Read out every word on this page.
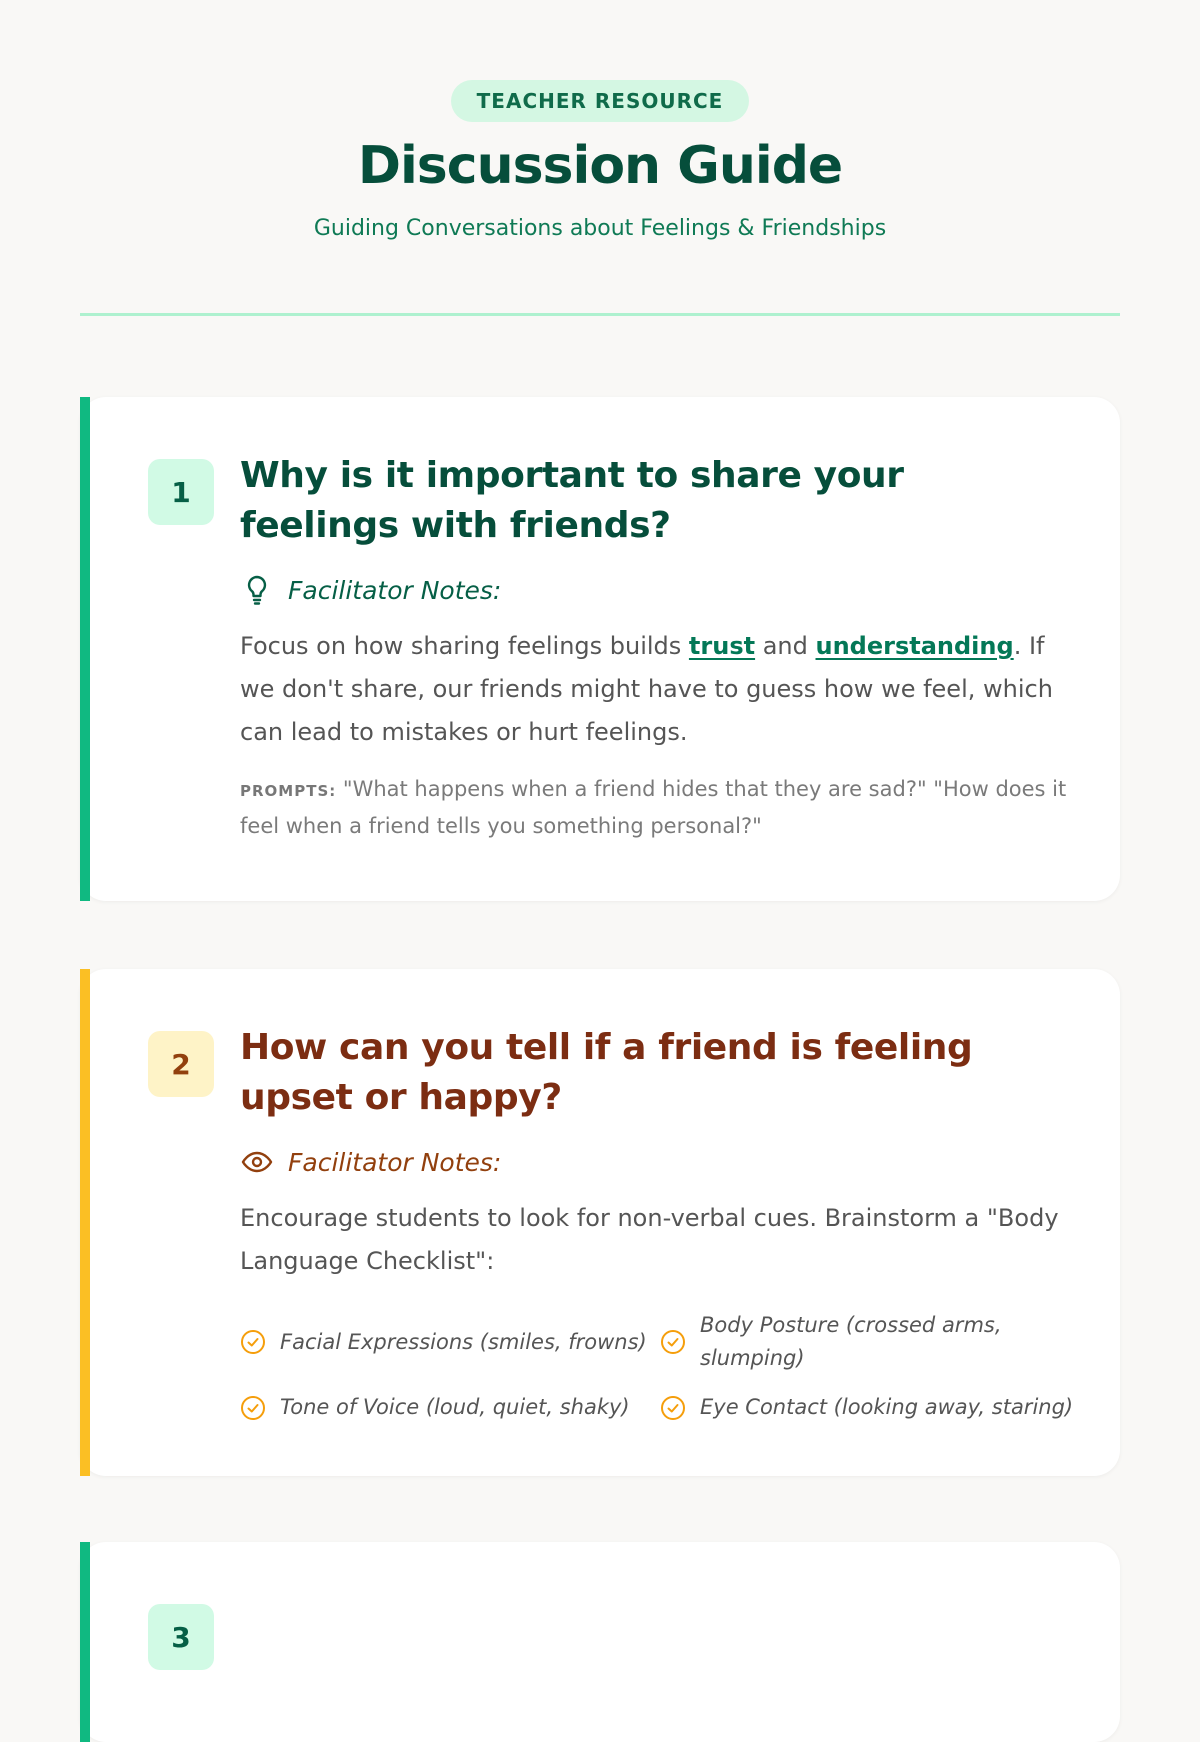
TEACHER RESOURCE
Discussion Guide

Guiding Conversations about Feelings & Friendships

1	Why is it important to share your feelings with friends?
Facilitator Notes:

Focus on how sharing feelings builds trust and understanding. If we don't share, our friends might have to guess how we feel, which can lead to mistakes or hurt feelings.

PROMPTS: "What happens when a friend hides that they are sad?" "How does it feel when a friend tells you something personal?"

2	How can you tell if a friend is feeling upset or happy?
Facilitator Notes:

Encourage students to look for non-verbal cues. Brainstorm a "Body Language Checklist":

Facial Expressions (smiles, frowns)
Body Posture (crossed arms, slumping)
Tone of Voice (loud, quiet, shaky)	Eye Contact (looking away, staring)
3
